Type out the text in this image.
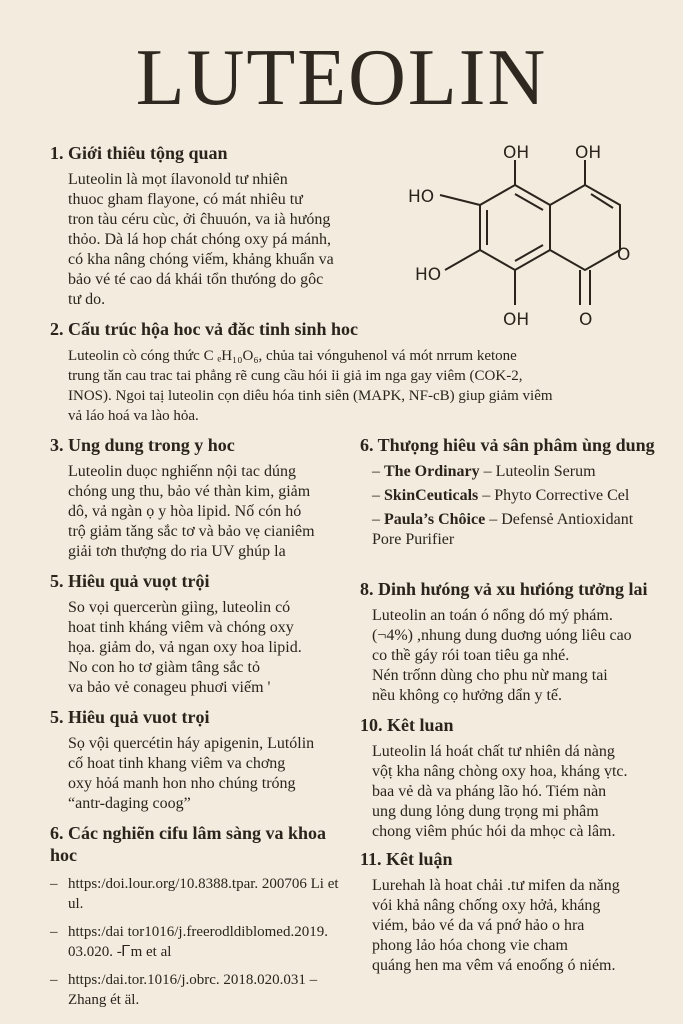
LUTEOLIN
OH	OH
HO
HO
O
OH	O
1. Giới thiêu tộng quan
Luteolin là mọt ílavonold tư nhiên
thuoc gham flayone, có mát nhiêu tư
tron tàu céru cùc, ởi ĉhuuón, va ià hưóng
thỏo. Dà lá hop chát chóng oxy pá mánh,
có kha nâng chóng viếm, khảng khuẩn va
bảo vé té cao dá khái tổn thưóng do gôc
tư do.
2. Cấu trúc hộa hoc vả đǎc tinh sinh hoc
Luteolin cò cóng thức C ₑH₁₀O₆, chủa tai vónguhenol vá mót nrrum ketone
trung tǎn cau trac tai phẳng rẽ cung cầu hói ỉi giả im nga gay viêm (COK-2,
INOS). Ngoi taị luteolin cọn diêu hóa tinh siên (MAPK, NF-cB) giup giảm viêm
vả láo hoá va lào hỏa.
3. Ung dung trong y hoc
Luteolin duọc nghiếnn nội tac dúng
chóng ung thu, bảo vé thàn kim, giảm
dô, vả ngàn ọ y hòa lipid. Nố cón hó
trộ giảm tǎng sắc tơ và bảo vẹ cianiêm
giải tơn thượng do ria UV ghúp la
5. Hiêu quả vuọt trội
So vọi quercerùn giìng, luteolin có
hoat tinh kháng viêm và chóng oxy
họa. giảm do, vả ngan oxy hoa lipid.
No con ho tơ giàm tâng sắc tỏ
va bảo vẻ conageu phuơi viếm '
5. Hiêu quả vuot trọi
Sọ vội quercétin háy apigenin, Lutólin
cố hoat tinh khang viêm va chơng
oxy hỏá manh hon nho chúng tróng
“antr-daging coog”
6. Các nghiẽn cifu lâm sàng va khoa hoc
– https:/doi.lour.org/10.8388.tpar. 200706 Li et ul.
– https:/dai tor1016/j.freerodldiblomed.2019. 03.020. -Ꮁm et al
– https:/dai.tor.1016/j.obrc. 2018.020.031 – Zhang ét äl.
6. Thưọng hiêu vả sân phâm ùng dung
– The Ordinary – Luteolin Serum
– SkinCeuticals – Phyto Corrective Cel
– Paula’s Chôice – Defensẻ Antioxidant Pore Purifier
8. Dinh hưóng vả xu hưióng tưởng lai
Luteolin an toán ó nổng dó mý phám.
(¬4%) ,nhung dung duơng uóng liêu cao
co thề gáy rói toan tiêu ga nhé.
Nén trốnn dùng cho phu nừ mang tai
nều không cọ hưởng dẩn y tế.
10. Kêt luan
Luteolin lá hoát chất tư nhiên dá nàng
vộṭ kha nâng chòng oxy hoa, kháng ṿtc.
baa vẻ dà va pháng lão hó. Tiém nàn
ung dung lỏng dung trọng mi phâm
chong viêm phúc hói da mhọc cà lâm.
11. Kêt luận
Lurehah là hoat chải .tư mifen da nǎng
vói khả nâng chống oxy hởả, kháng
viém, bảo vé da vá pnớ hảo o hra
phong lảo hóa chong vie cham
quáng hen ma vêm vá enoống ó niém.
